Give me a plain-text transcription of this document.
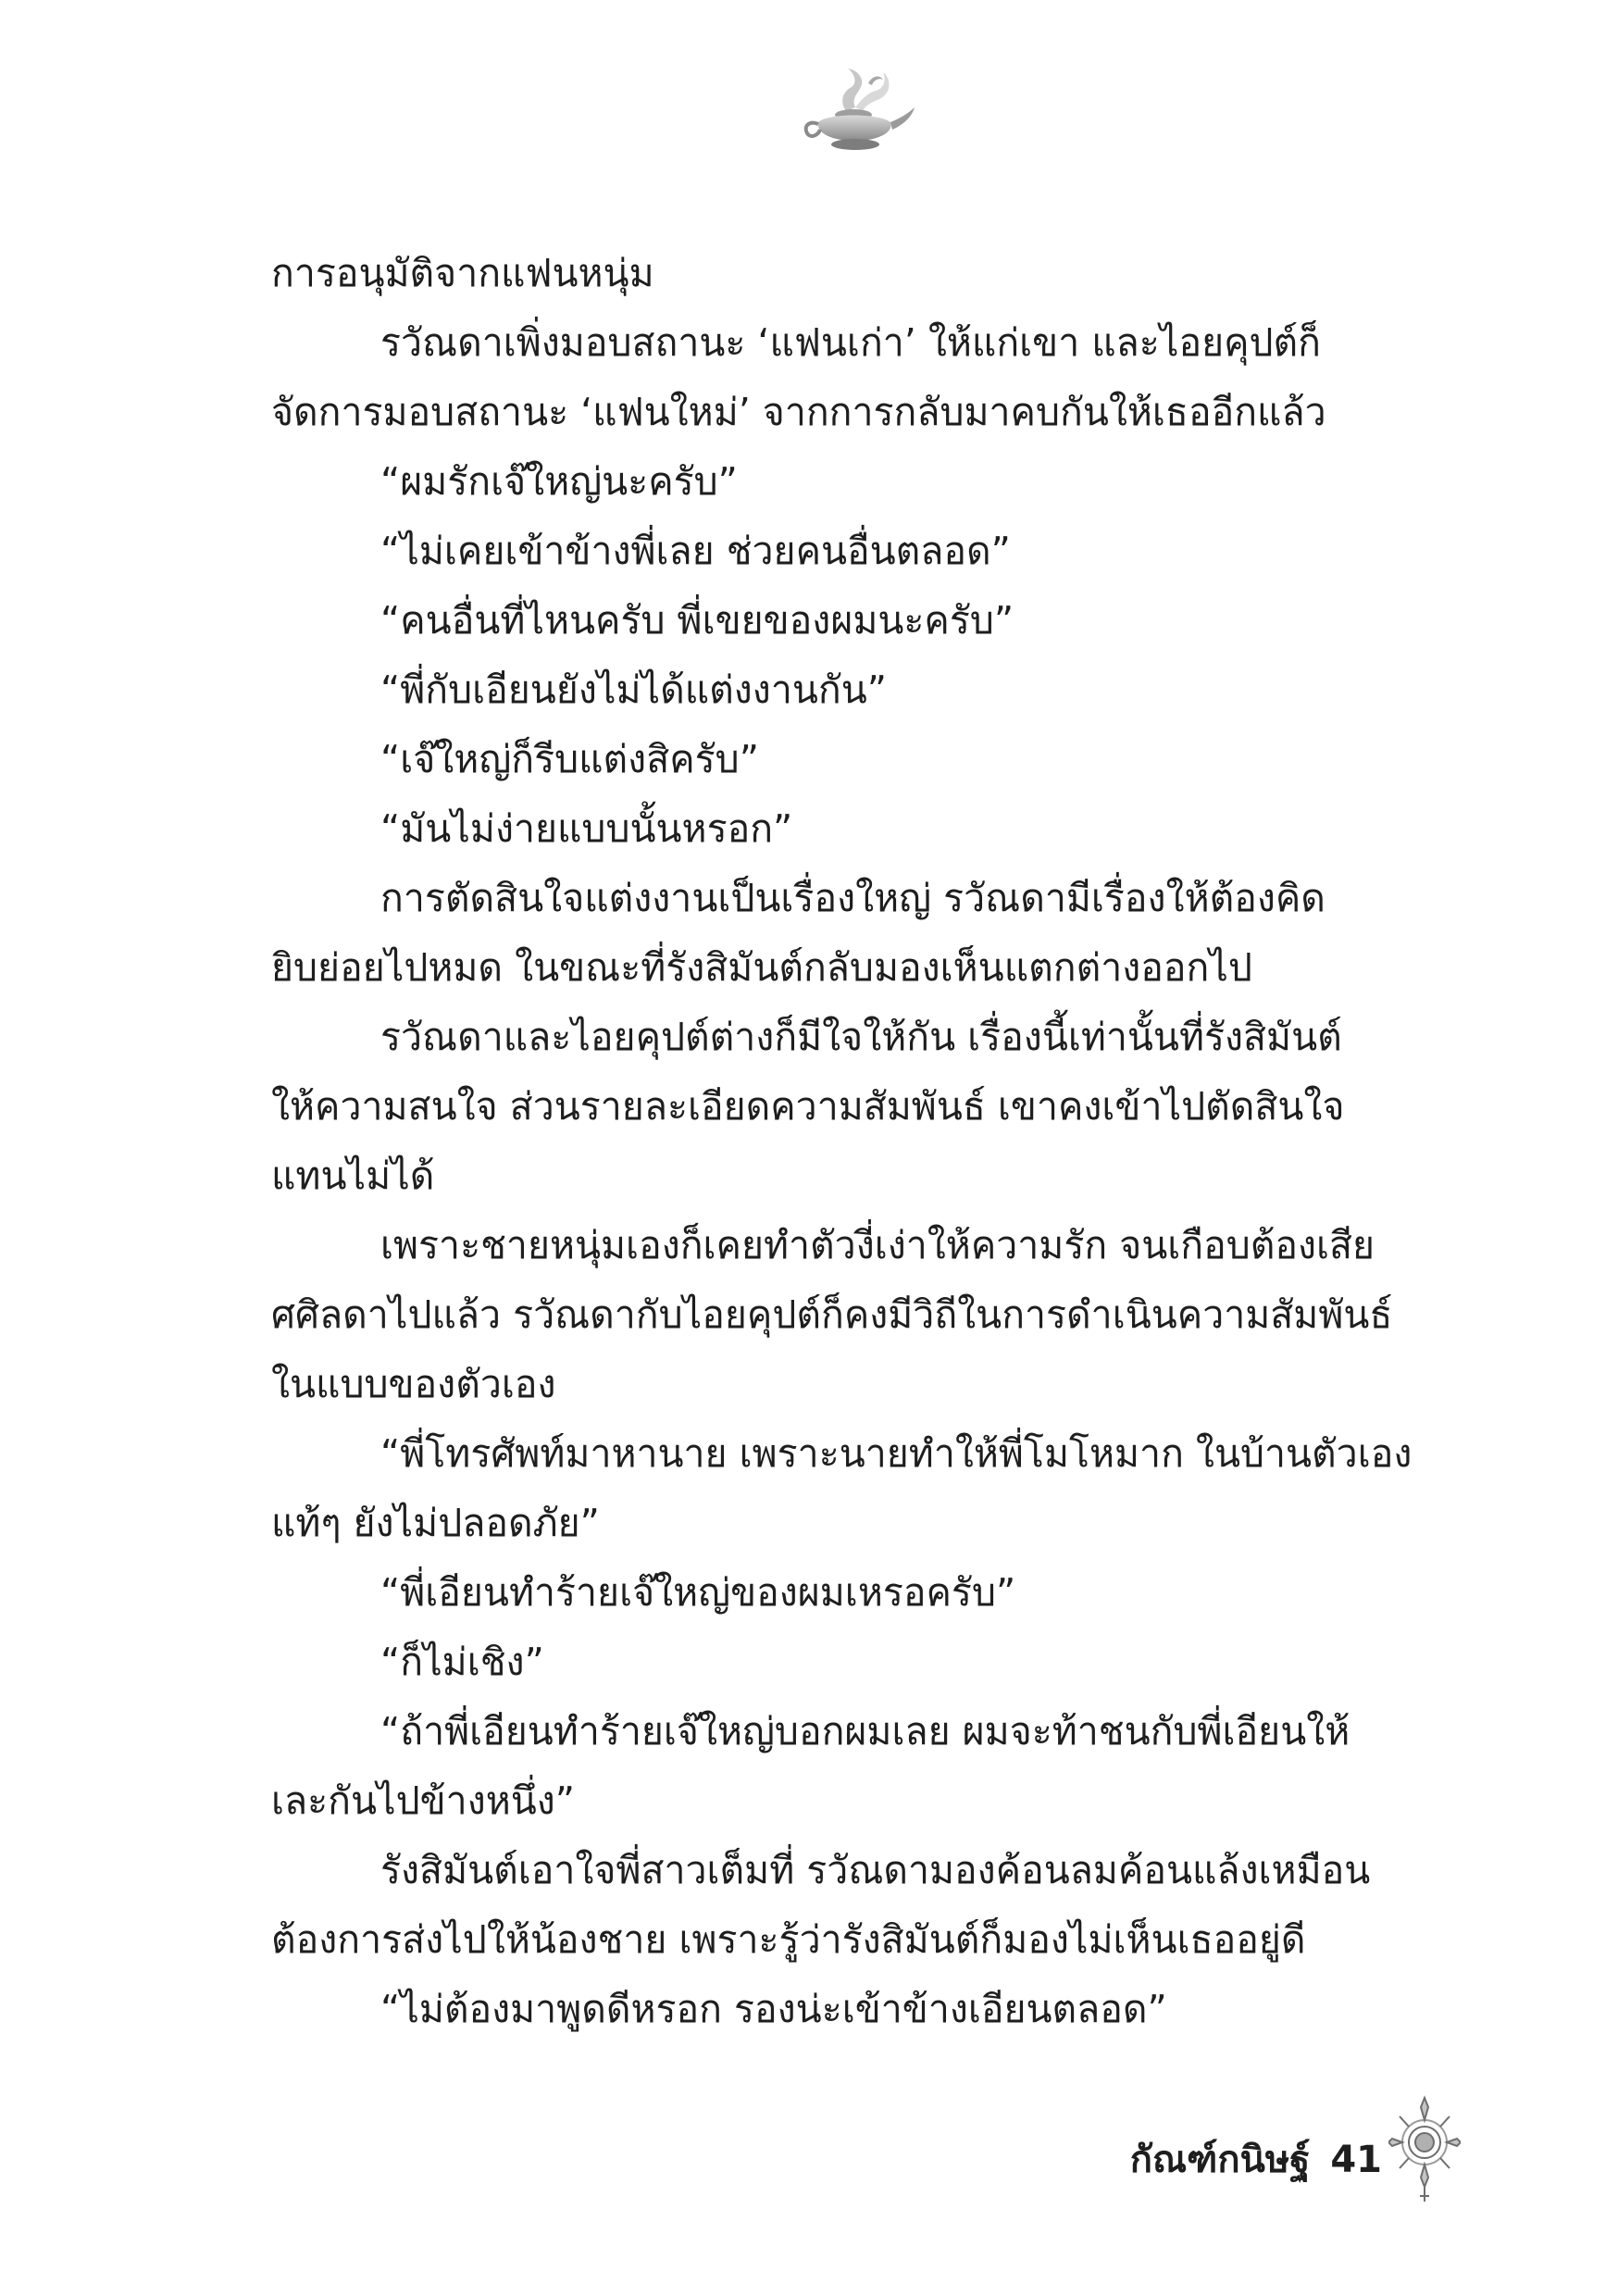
การอนุมัติจากแฟนหนุ่ม
รวัณดาเพิ่งมอบสถานะ ‘แฟนเก่า’ ให้แก่เขา และไอยคุปต์ก็
จัดการมอบสถานะ ‘แฟนใหม่’ จากการกลับมาคบกันให้เธออีกแล้ว
“ผมรักเจ๊ใหญ่นะครับ”
“ไม่เคยเข้าข้างพี่เลย ช่วยคนอื่นตลอด”
“คนอื่นที่ไหนครับ พี่เขยของผมนะครับ”
“พี่กับเอียนยังไม่ได้แต่งงานกัน”
“เจ๊ใหญ่ก็รีบแต่งสิครับ”
“มันไม่ง่ายแบบนั้นหรอก”
การตัดสินใจแต่งงานเป็นเรื่องใหญ่ รวัณดามีเรื่องให้ต้องคิด
ยิบย่อยไปหมด ในขณะที่รังสิมันต์กลับมองเห็นแตกต่างออกไป
รวัณดาและไอยคุปต์ต่างก็มีใจให้กัน เรื่องนี้เท่านั้นที่รังสิมันต์
ให้ความสนใจ ส่วนรายละเอียดความสัมพันธ์ เขาคงเข้าไปตัดสินใจ
แทนไม่ได้
เพราะชายหนุ่มเองก็เคยทำตัวงี่เง่าให้ความรัก จนเกือบต้องเสีย
ศศิลดาไปแล้ว รวัณดากับไอยคุปต์ก็คงมีวิถีในการดำเนินความสัมพันธ์
ในแบบของตัวเอง
“พี่โทรศัพท์มาหานาย เพราะนายทำให้พี่โมโหมาก ในบ้านตัวเอง
แท้ๆ ยังไม่ปลอดภัย”
“พี่เอียนทำร้ายเจ๊ใหญ่ของผมเหรอครับ”
“ก็ไม่เชิง”
“ถ้าพี่เอียนทำร้ายเจ๊ใหญ่บอกผมเลย ผมจะท้าชนกับพี่เอียนให้
เละกันไปข้างหนึ่ง”
รังสิมันต์เอาใจพี่สาวเต็มที่ รวัณดามองค้อนลมค้อนแล้งเหมือน
ต้องการส่งไปให้น้องชาย เพราะรู้ว่ารังสิมันต์ก็มองไม่เห็นเธออยู่ดี
“ไม่ต้องมาพูดดีหรอก รองน่ะเข้าข้างเอียนตลอด”
กัณฑ์กนิษฐ์ 41
